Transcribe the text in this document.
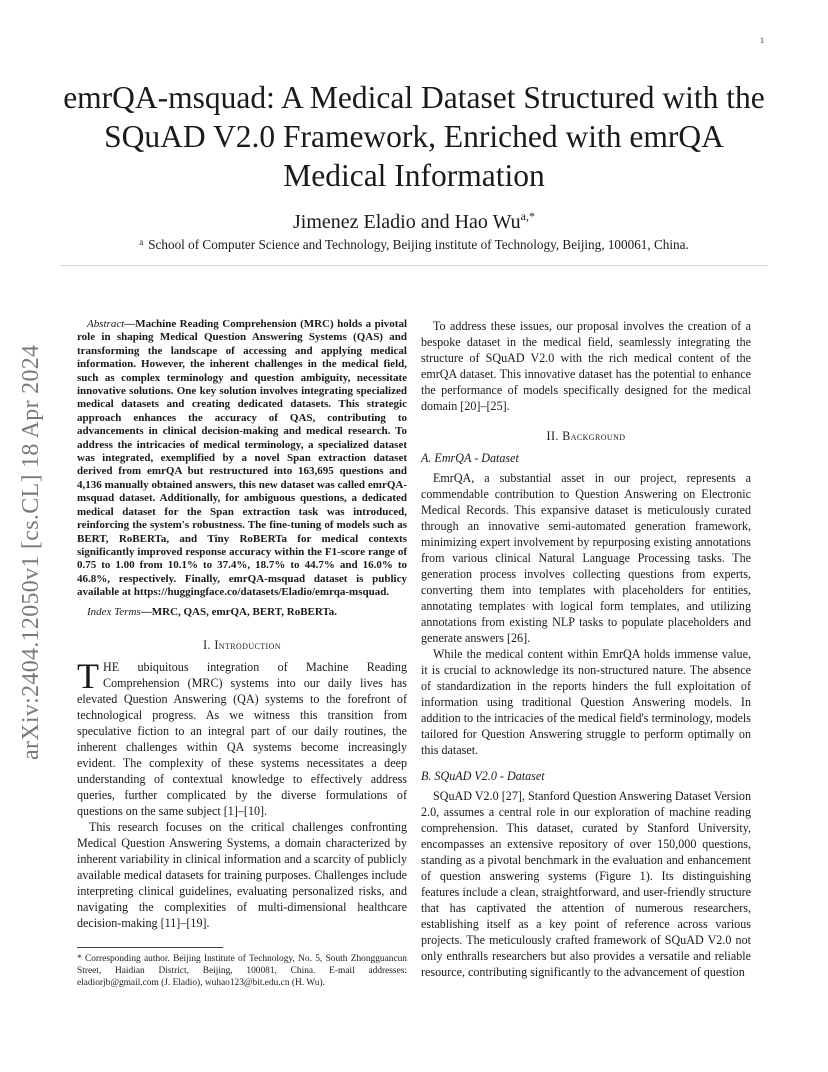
1
arXiv:2404.12050v1 [cs.CL] 18 Apr 2024
emrQA-msquad: A Medical Dataset Structured with the SQuAD V2.0 Framework, Enriched with emrQA Medical Information
Jimenez Eladio and Hao $Wu^{a,*}$
$^a$ School of Computer Science and Technology, Beijing institute of Technology, Beijing, 100061, China.

Abstract—Machine Reading Comprehension (MRC) holds a pivotal role in shaping Medical Question Answering Systems (QAS) and transforming the landscape of accessing and applying medical information. However, the inherent challenges in the medical field, such as complex terminology and question ambiguity, necessitate innovative solutions. One key solution involves integrating specialized medical datasets and creating dedicated datasets. This strategic approach enhances the accuracy of QAS, contributing to advancements in clinical decision-making and medical research. To address the intricacies of medical terminology, a specialized dataset was integrated, exemplified by a novel Span extraction dataset derived from emrQA but restructured into 163,695 questions and 4,136 manually obtained answers, this new dataset was called emrQA-msquad dataset. Additionally, for ambiguous questions, a dedicated medical dataset for the Span extraction task was introduced, reinforcing the system's robustness. The fine-tuning of models such as BERT, RoBERTa, and Tiny RoBERTa for medical contexts significantly improved response accuracy within the F1-score range of 0.75 to 1.00 from 10.1% to 37.4%, 18.7% to 44.7% and 16.0% to 46.8%, respectively. Finally, emrQA-msquad dataset is publicy available at https://huggingface.co/datasets/Eladio/emrqa-msquad.

Index Terms—MRC, QAS, emrQA, BERT, RoBERTa.

I. Introduction

THE ubiquitous integration of Machine Reading Comprehension (MRC) systems into our daily lives has elevated Question Answering (QA) systems to the forefront of technological progress. As we witness this transition from speculative fiction to an integral part of our daily routines, the inherent challenges within QA systems become increasingly evident. The complexity of these systems necessitates a deep understanding of contextual knowledge to effectively address queries, further complicated by the diverse formulations of questions on the same subject [1]–[10].

This research focuses on the critical challenges confronting Medical Question Answering Systems, a domain characterized by inherent variability in clinical information and a scarcity of publicly available medical datasets for training purposes. Challenges include interpreting clinical guidelines, evaluating personalized risks, and navigating the complexities of multi-dimensional healthcare decision-making [11]–[19].

* Corresponding author. Beijing Institute of Technology, No. 5, South Zhongguancun Street, Haidian District, Beijing, 100081, China. E-mail addresses: eladiorjb@gmail.com (J. Eladio), wuhao123@bit.edu.cn (H. Wu).

To address these issues, our proposal involves the creation of a bespoke dataset in the medical field, seamlessly integrating the structure of SQuAD V2.0 with the rich medical content of the emrQA dataset. This innovative dataset has the potential to enhance the performance of models specifically designed for the medical domain [20]–[25].

II. Background
A. EmrQA - Dataset

EmrQA, a substantial asset in our project, represents a commendable contribution to Question Answering on Electronic Medical Records. This expansive dataset is meticulously curated through an innovative semi-automated generation framework, minimizing expert involvement by repurposing existing annotations from various clinical Natural Language Processing tasks. The generation process involves collecting questions from experts, converting them into templates with placeholders for entities, annotating templates with logical form templates, and utilizing annotations from existing NLP tasks to populate placeholders and generate answers [26].

While the medical content within EmrQA holds immense value, it is crucial to acknowledge its non-structured nature. The absence of standardization in the reports hinders the full exploitation of information using traditional Question Answering models. In addition to the intricacies of the medical field's terminology, models tailored for Question Answering struggle to perform optimally on this dataset.

B. SQuAD V2.0 - Dataset

SQuAD V2.0 [27], Stanford Question Answering Dataset Version 2.0, assumes a central role in our exploration of machine reading comprehension. This dataset, curated by Stanford University, encompasses an extensive repository of over 150,000 questions, standing as a pivotal benchmark in the evaluation and enhancement of question answering systems (Figure 1). Its distinguishing features include a clean, straightforward, and user-friendly structure that has captivated the attention of numerous researchers, establishing itself as a key point of reference across various projects. The meticulously crafted framework of SQuAD V2.0 not only enthralls researchers but also provides a versatile and reliable resource, contributing significantly to the advancement of question
